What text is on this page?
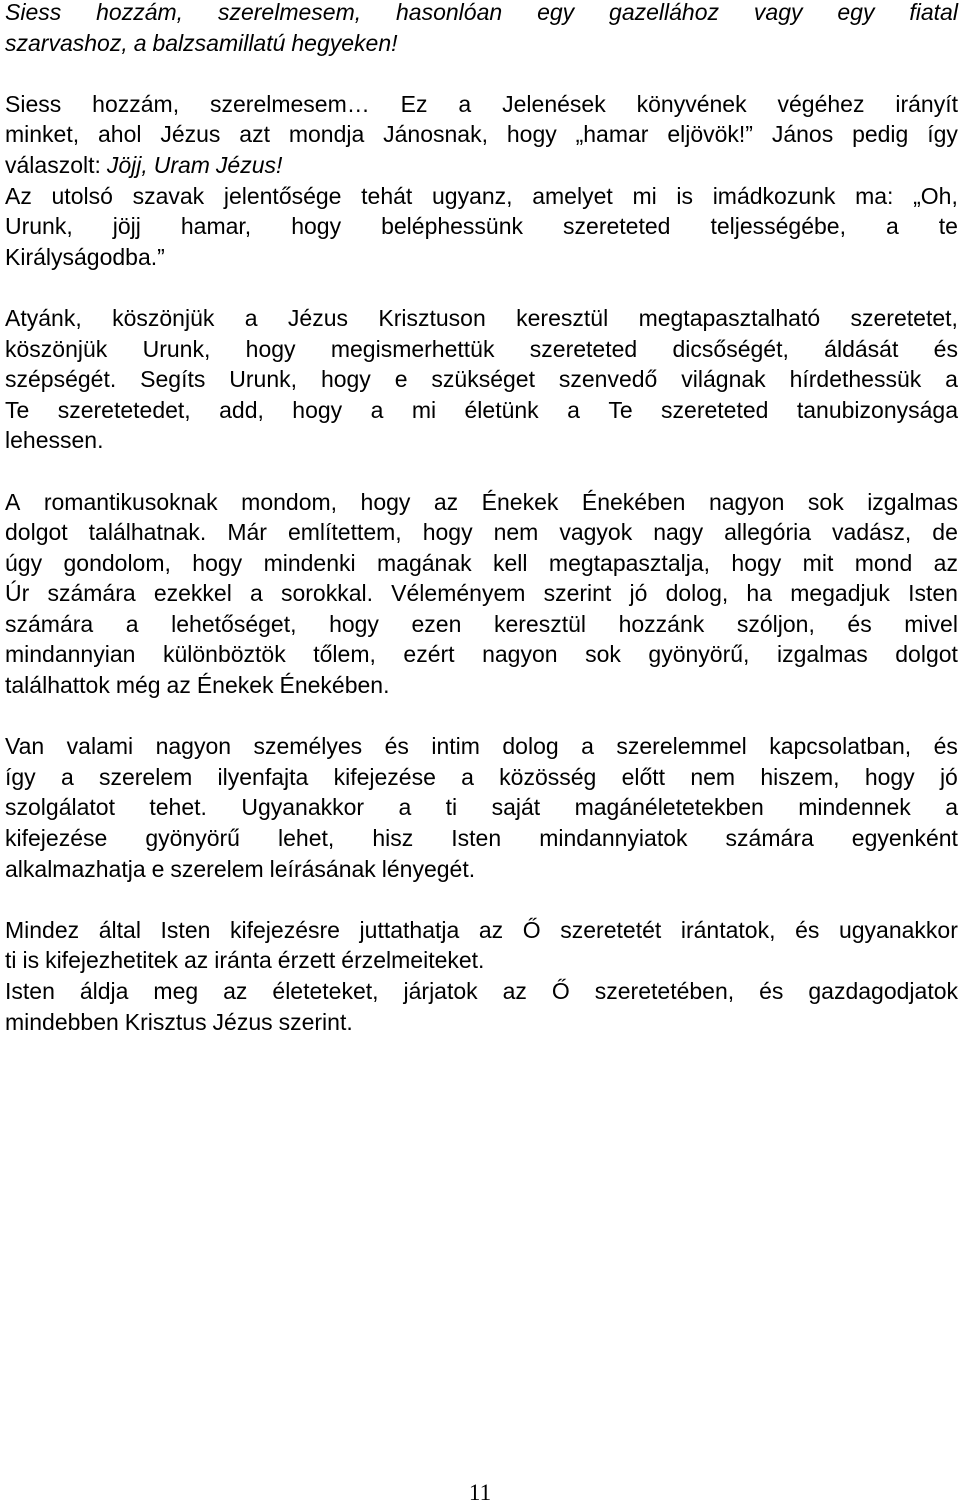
Siess hozzám, szerelmesem, hasonlóan egy gazellához vagy egy fiatal
szarvashoz, a balzsamillatú hegyeken!
Siess hozzám, szerelmesem… Ez a Jelenések könyvének végéhez irányít
minket, ahol Jézus azt mondja Jánosnak, hogy „hamar eljövök!” János pedig így
válaszolt: Jöjj, Uram Jézus!
Az utolsó szavak jelentősége tehát ugyanz, amelyet mi is imádkozunk ma: „Oh,
Urunk, jöjj hamar, hogy beléphessünk szereteted teljességébe, a te
Királyságodba.”
Atyánk, köszönjük a Jézus Krisztuson keresztül megtapasztalható szeretetet,
köszönjük Urunk, hogy megismerhettük szereteted dicsőségét, áldását és
szépségét. Segíts Urunk, hogy e szükséget szenvedő világnak hírdethessük a
Te szeretetedet, add, hogy a mi életünk a Te szereteted tanubizonysága
lehessen.
A romantikusoknak mondom, hogy az Énekek Énekében nagyon sok izgalmas
dolgot találhatnak. Már említettem, hogy nem vagyok nagy allegória vadász, de
úgy gondolom, hogy mindenki magának kell megtapasztalja, hogy mit mond az
Úr számára ezekkel a sorokkal. Véleményem szerint jó dolog, ha megadjuk Isten
számára a lehetőséget, hogy ezen keresztül hozzánk szóljon, és mivel
mindannyian különböztök tőlem, ezért nagyon sok gyönyörű, izgalmas dolgot
találhattok még az Énekek Énekében.
Van valami nagyon személyes és intim dolog a szerelemmel kapcsolatban, és
így a szerelem ilyenfajta kifejezése a közösség előtt nem hiszem, hogy jó
szolgálatot tehet. Ugyanakkor a ti saját magánéletetekben mindennek a
kifejezése gyönyörű lehet, hisz Isten mindannyiatok számára egyenként
alkalmazhatja e szerelem leírásának lényegét.
Mindez által Isten kifejezésre juttathatja az Ő szeretetét irántatok, és ugyanakkor
ti is kifejezhetitek az iránta érzett érzelmeiteket.
Isten áldja meg az életeteket, járjatok az Ő szeretetében, és gazdagodjatok
mindebben Krisztus Jézus szerint.
11
